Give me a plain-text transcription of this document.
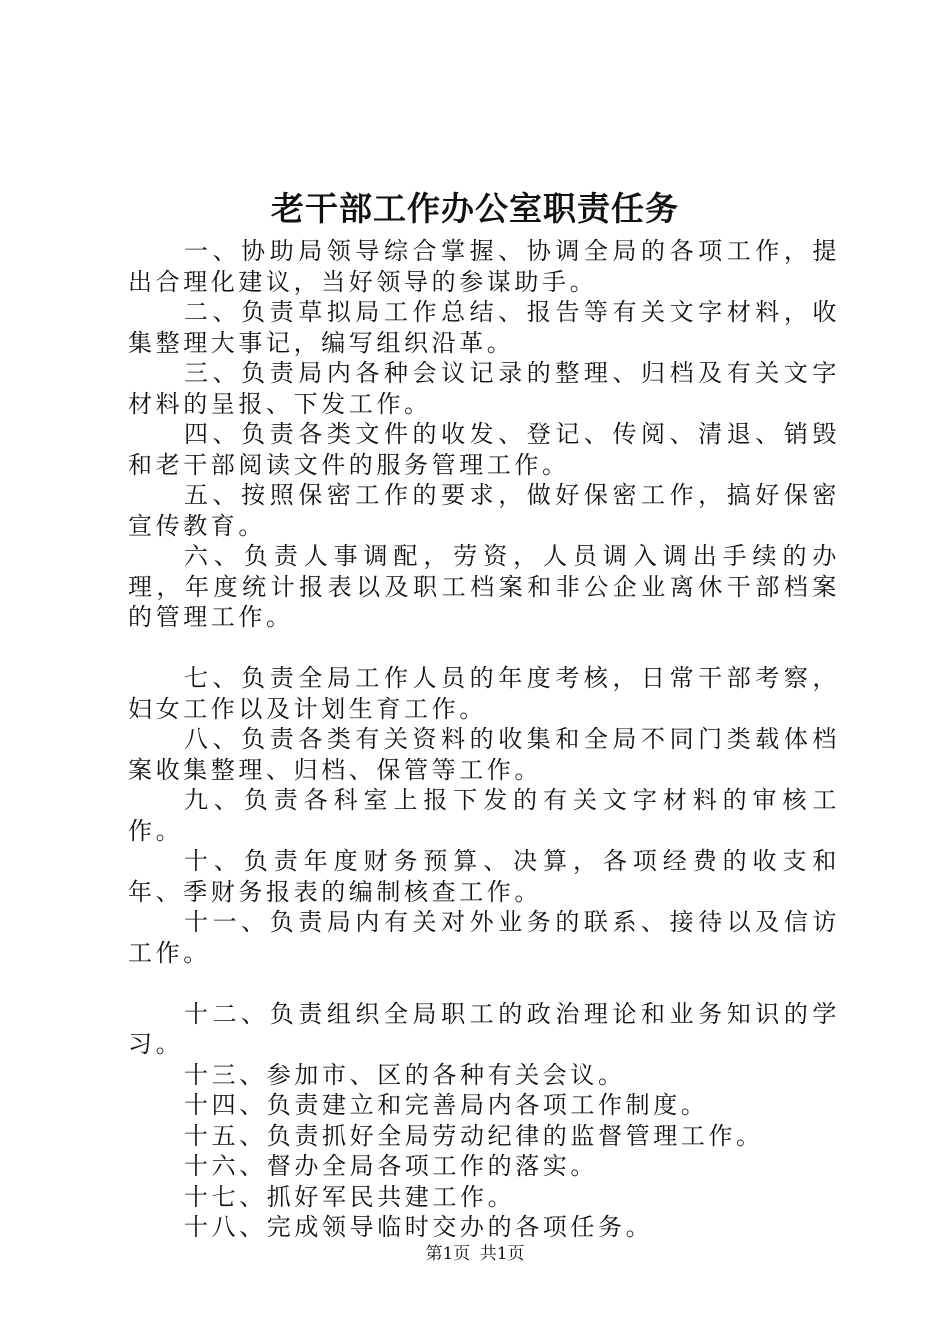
老干部工作办公室职责任务

一、协助局领导综合掌握、协调全局的各项工作，提出合理化建议，当好领导的参谋助手。

二、负责草拟局工作总结、报告等有关文字材料，收集整理大事记，编写组织沿革。

三、负责局内各种会议记录的整理、归档及有关文字材料的呈报、下发工作。

四、负责各类文件的收发、登记、传阅、清退、销毁和老干部阅读文件的服务管理工作。

五、按照保密工作的要求，做好保密工作，搞好保密宣传教育。

六、负责人事调配，劳资，人员调入调出手续的办理，年度统计报表以及职工档案和非公企业离休干部档案的管理工作。

七、负责全局工作人员的年度考核，日常干部考察，妇女工作以及计划生育工作。

八、负责各类有关资料的收集和全局不同门类载体档案收集整理、归档、保管等工作。

九、负责各科室上报下发的有关文字材料的审核工作。

十、负责年度财务预算、决算，各项经费的收支和年、季财务报表的编制核查工作。

十一、负责局内有关对外业务的联系、接待以及信访工作。

十二、负责组织全局职工的政治理论和业务知识的学习。

十三、参加市、区的各种有关会议。

十四、负责建立和完善局内各项工作制度。

十五、负责抓好全局劳动纪律的监督管理工作。

十六、督办全局各项工作的落实。

十七、抓好军民共建工作。

十八、完成领导临时交办的各项任务。

第1页 共1页
